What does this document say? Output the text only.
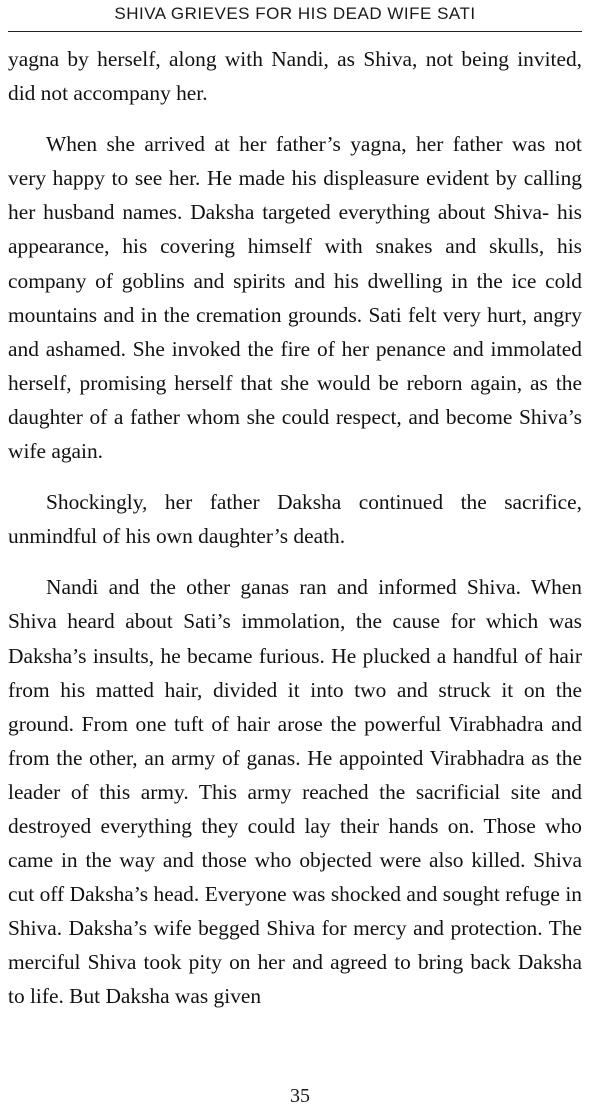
SHIVA GRIEVES FOR HIS DEAD WIFE SATI

yagna by herself, along with Nandi, as Shiva, not being invited, did not accompany her.

When she arrived at her father’s yagna, her father was not very happy to see her. He made his displeasure evident by calling her husband names. Daksha targeted everything about Shiva- his appearance, his covering himself with snakes and skulls, his company of goblins and spirits and his dwelling in the ice cold mountains and in the cremation grounds. Sati felt very hurt, angry and ashamed. She invoked the fire of her penance and immolated herself, promising herself that she would be reborn again, as the daughter of a father whom she could respect, and become Shiva’s wife again.

Shockingly, her father Daksha continued the sacrifice, unmindful of his own daughter’s death.

Nandi and the other ganas ran and informed Shiva. When Shiva heard about Sati’s immolation, the cause for which was Daksha’s insults, he became furious. He plucked a handful of hair from his matted hair, divided it into two and struck it on the ground. From one tuft of hair arose the powerful Virabhadra and from the other, an army of ganas. He appointed Virabhadra as the leader of this army. This army reached the sacrificial site and destroyed everything they could lay their hands on. Those who came in the way and those who objected were also killed. Shiva cut off Daksha’s head. Everyone was shocked and sought refuge in Shiva. Daksha’s wife begged Shiva for mercy and protection. The merciful Shiva took pity on her and agreed to bring back Daksha to life. But Daksha was given

35
